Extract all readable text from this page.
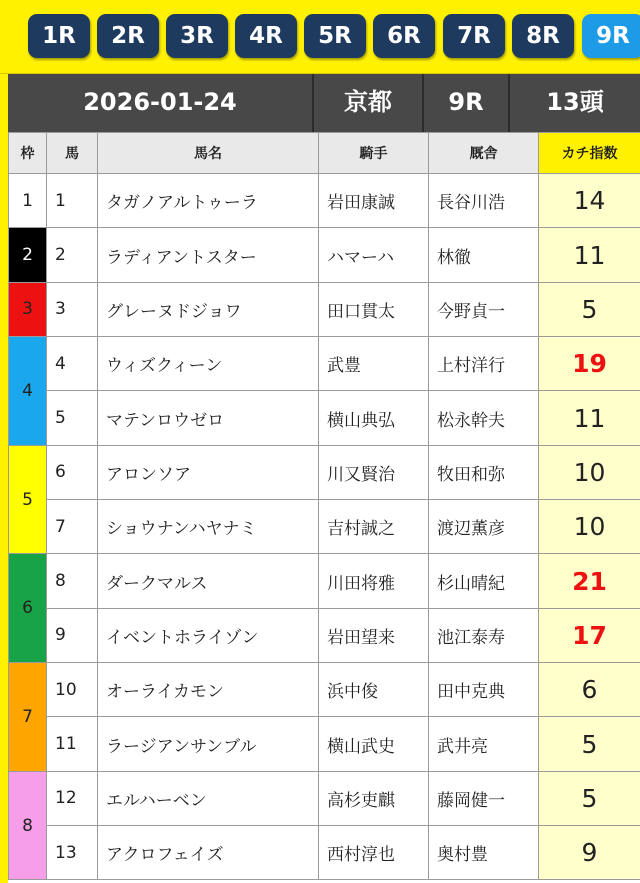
1R	2R	3R	4R	5R	6R	7R	8R	9R
2026-01-24	京都	9R	13頭
枠	馬	馬名	騎手	厩舎	カチ指数
1	1	タガノアルトゥーラ	岩田康誠	長谷川浩	14
2	2	ラディアントスター	ハマーハ	林徹	11
3	3	グレーヌドジョワ	田口貫太	今野貞一	5
4	4	ウィズクィーン	武豊	上村洋行	19
	5	マテンロウゼロ	横山典弘	松永幹夫	11
5	6	アロンソア	川又賢治	牧田和弥	10
	7	ショウナンハヤナミ	吉村誠之	渡辺薫彦	10
6	8	ダークマルス	川田将雅	杉山晴紀	21
	9	イベントホライゾン	岩田望来	池江泰寿	17
7	10	オーライカモン	浜中俊	田中克典	6
	11	ラージアンサンブル	横山武史	武井亮	5
8	12	エルハーベン	高杉吏麒	藤岡健一	5
	13	アクロフェイズ	西村淳也	奥村豊	9
